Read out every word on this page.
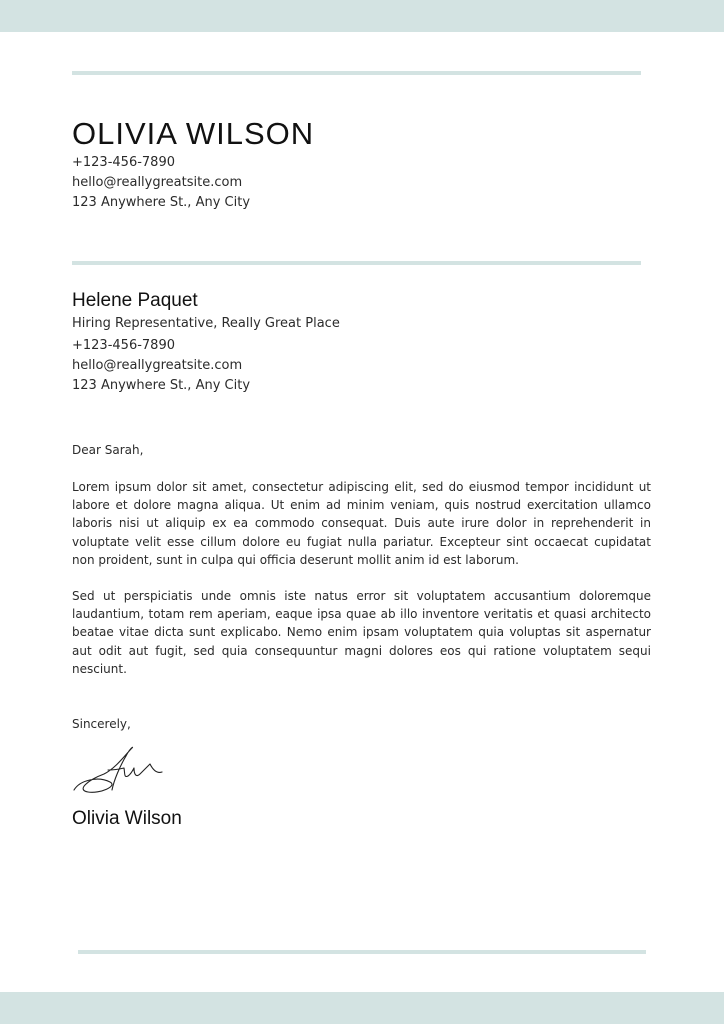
OLIVIA WILSON
+123-456-7890
hello@reallygreatsite.com
123 Anywhere St., Any City
Helene Paquet
Hiring Representative, Really Great Place
+123-456-7890
hello@reallygreatsite.com
123 Anywhere St., Any City
Dear Sarah,
Lorem ipsum dolor sit amet, consectetur adipiscing elit, sed do eiusmod tempor incididunt ut labore et dolore magna aliqua. Ut enim ad minim veniam, quis nostrud exercitation ullamco laboris nisi ut aliquip ex ea commodo consequat. Duis aute irure dolor in reprehenderit in voluptate velit esse cillum dolore eu fugiat nulla pariatur. Excepteur sint occaecat cupidatat non proident, sunt in culpa qui officia deserunt mollit anim id est laborum.
Sed ut perspiciatis unde omnis iste natus error sit voluptatem accusantium doloremque laudantium, totam rem aperiam, eaque ipsa quae ab illo inventore veritatis et quasi architecto beatae vitae dicta sunt explicabo. Nemo enim ipsam voluptatem quia voluptas sit aspernatur aut odit aut fugit, sed quia consequuntur magni dolores eos qui ratione voluptatem sequi nesciunt.
Sincerely,
Olivia Wilson
